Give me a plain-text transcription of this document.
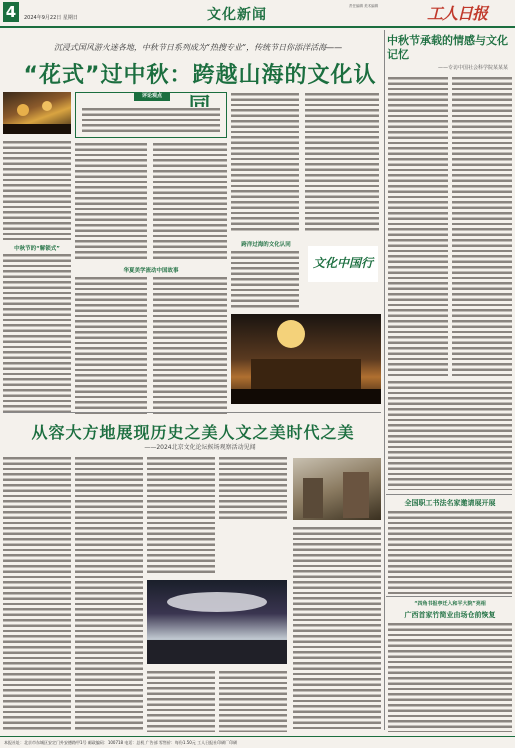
4	2024年9月22日 星期日	文化新闻
责任编辑 美术编辑	工人日报
沉浸式国风游火迷各地，中秋节日系列成为“热搜专业”，传统节日你添洋活海——
“花式”过中秋：跨越山海的文化认
中秋节承载的情感与文化记忆
——专访中国社会科学院某某某
中秋节的“解锁式”
评论观点
华夏美学流动中国故事
跨洋过海的文化认同
文化中国行
从容大方地展现历史之美人文之美时代之美
——2024北京文化论坛候场观察活动见闻
全国职工书法名家邀请展开展
“四角书报亭迁入和平大院”亮相
广西首家竹简业由场仓前恢复
本报社址：北京市东城区安定门外安德路甲1号 邮政编码：100718 电话：总机 广告部 零售价：每份1.50元 工人日报社印刷厂印刷
